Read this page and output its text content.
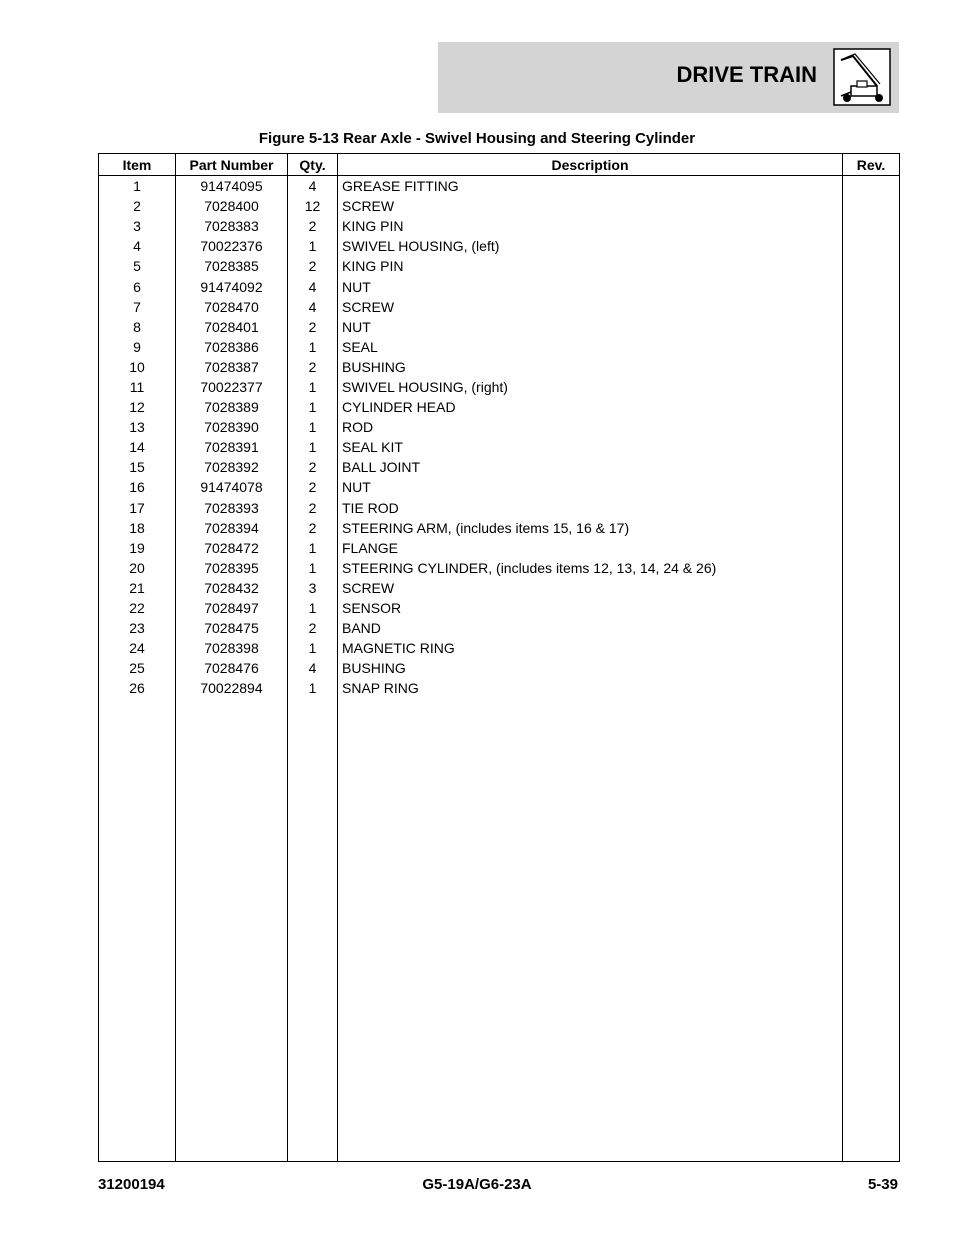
DRIVE TRAIN
Figure 5-13 Rear Axle - Swivel Housing and Steering Cylinder
Item	Part Number	Qty.	Description	Rev.
1	91474095	4	GREASE FITTING	
2	7028400	12	SCREW	
3	7028383	2	KING PIN	
4	70022376	1	SWIVEL HOUSING, (left)	
5	7028385	2	KING PIN	
6	91474092	4	NUT	
7	7028470	4	SCREW	
8	7028401	2	NUT	
9	7028386	1	SEAL	
10	7028387	2	BUSHING	
11	70022377	1	SWIVEL HOUSING, (right)	
12	7028389	1	CYLINDER HEAD	
13	7028390	1	ROD	
14	7028391	1	SEAL KIT	
15	7028392	2	BALL JOINT	
16	91474078	2	NUT	
17	7028393	2	TIE ROD	
18	7028394	2	STEERING ARM, (includes items 15, 16 & 17)	
19	7028472	1	FLANGE	
20	7028395	1	STEERING CYLINDER, (includes items 12, 13, 14, 24 & 26)	
21	7028432	3	SCREW	
22	7028497	1	SENSOR	
23	7028475	2	BAND	
24	7028398	1	MAGNETIC RING	
25	7028476	4	BUSHING	
26	70022894	1	SNAP RING	

31200194	G5-19A/G6-23A	5-39
